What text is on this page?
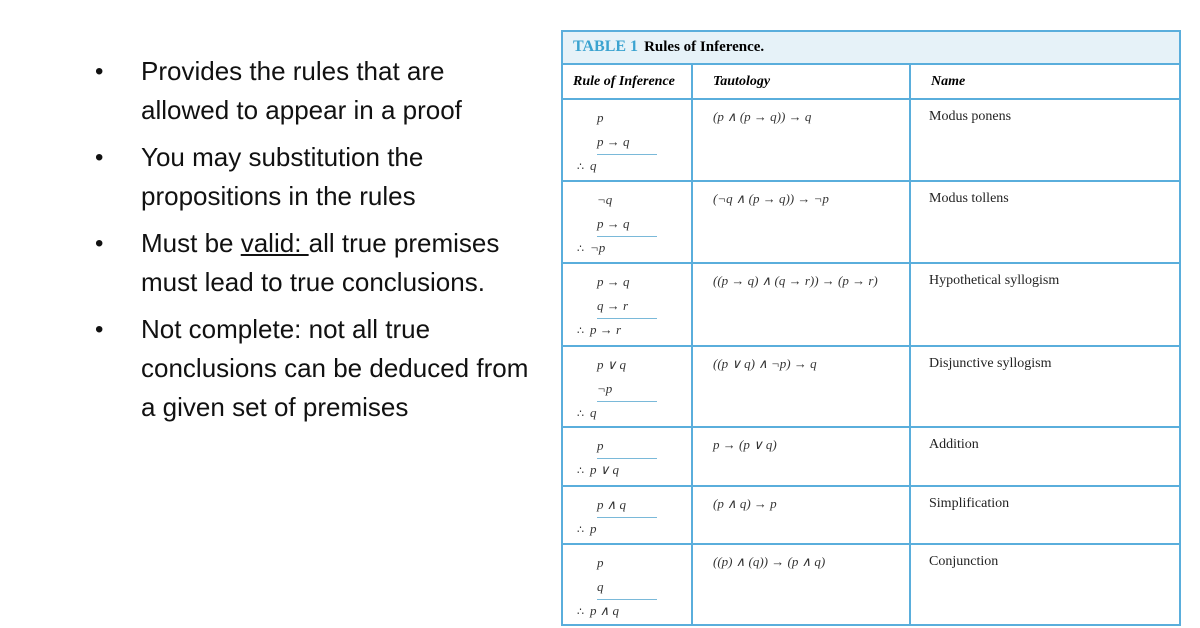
• Provides the rules that are allowed to appear in a proof
• You may substitution the propositions in the rules
• Must be valid: all true premises must lead to true conclusions.
• Not complete: not all true conclusions can be deduced from a given set of premises
TABLE 1 Rules of Inference.
Rule of Inference	Tautology	Name
p
p → q
∴ q
(p ∧ (p → q)) → q	Modus ponens
¬q
p → q
∴ ¬p
(¬q ∧ (p → q)) → ¬p	Modus tollens
p → q
q → r
∴ p → r
((p → q) ∧ (q → r)) → (p → r)	Hypothetical syllogism
p ∨ q
¬p
∴ q
((p ∨ q) ∧ ¬p) → q	Disjunctive syllogism
p
∴ p ∨ q
p → (p ∨ q)	Addition
p ∧ q
∴ p
(p ∧ q) → p	Simplification
p
q
∴ p ∧ q
((p) ∧ (q)) → (p ∧ q)	Conjunction
